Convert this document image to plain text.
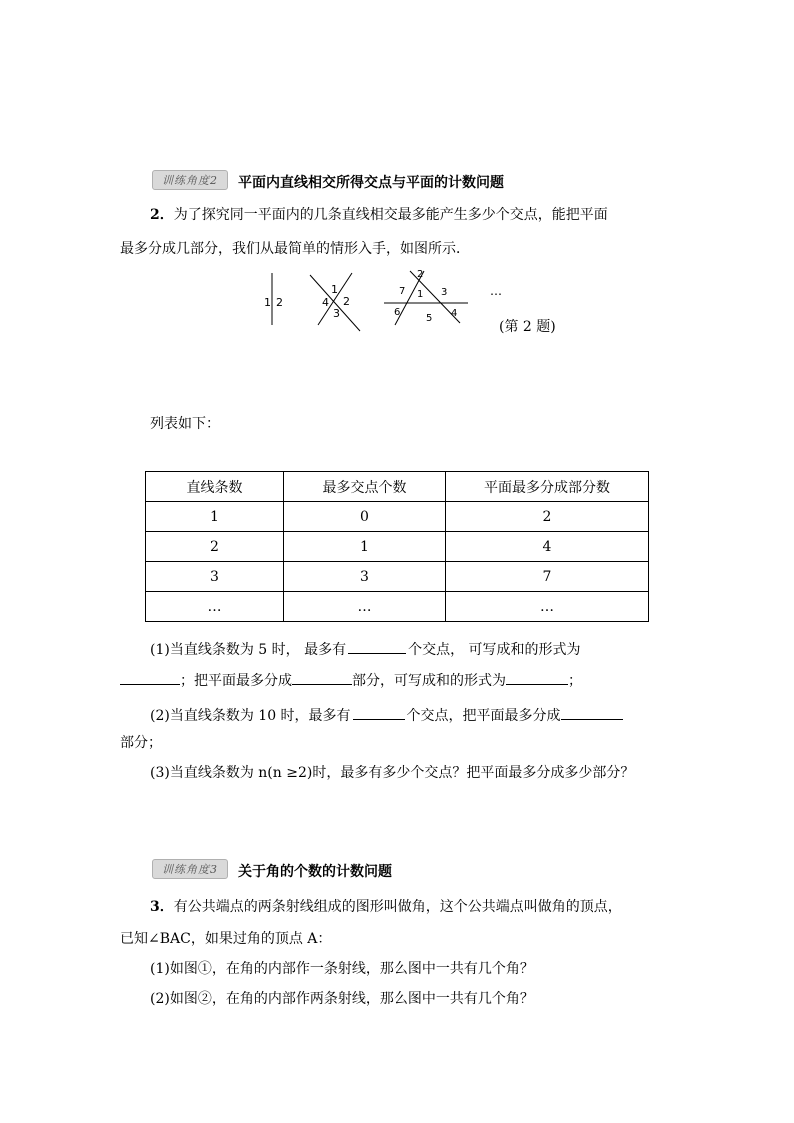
训练角度2	平面内直线相交所得交点与平面的计数问题
2．为了探究同一平面内的几条直线相交最多能产生多少个交点，能把平面
最多分成几部分，我们从最简单的情形入手，如图所示．
1 2
1
2
3
4
1
2
3
4
5
6
7	…
(第 2 题)
列表如下：
直线条数	最多交点个数	平面最多分成部分数
1	0	2
2	1	4
3	3	7
…	…	…
(1)当直线条数为 5 时， 最多有	个交点， 可写成和的形式为
；把平面最多分成	部分，可写成和的形式为	；
(2)当直线条数为 10 时，最多有	个交点，把平面最多分成
部分；
(3)当直线条数为 n(n ≥2)时，最多有多少个交点？把平面最多分成多少部分？
训练角度3	关于角的个数的计数问题
3．有公共端点的两条射线组成的图形叫做角，这个公共端点叫做角的顶点，
已知∠BAC，如果过角的顶点 A：
(1)如图①，在角的内部作一条射线，那么图中一共有几个角？
(2)如图②，在角的内部作两条射线，那么图中一共有几个角？
